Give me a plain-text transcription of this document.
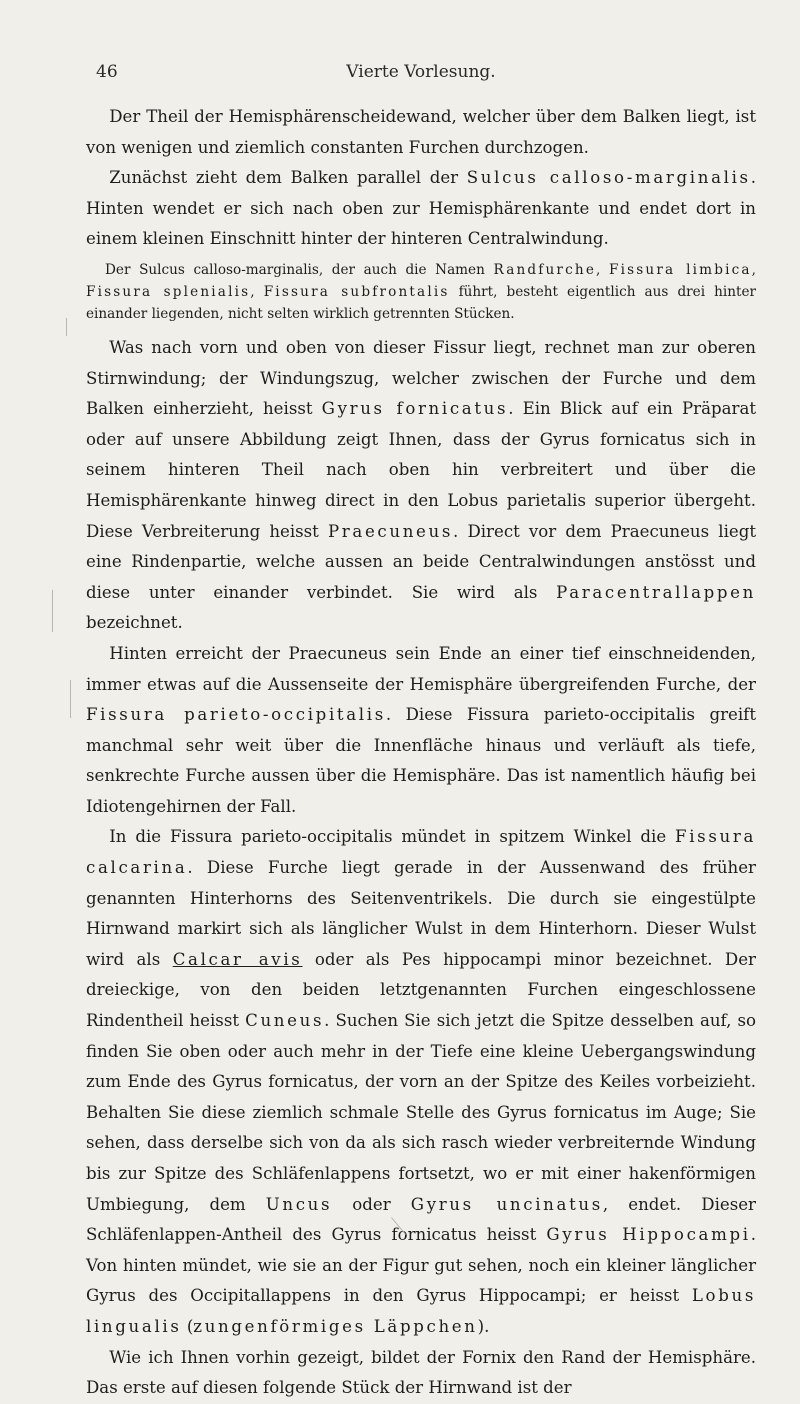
46	Vierte Vorlesung.

Der Theil der Hemisphärenscheidewand, welcher über dem Balken liegt, ist von wenigen und ziemlich constanten Furchen durchzogen.

Zunächst zieht dem Balken parallel der Sulcus calloso-marginalis. Hinten wendet er sich nach oben zur Hemisphärenkante und endet dort in einem kleinen Einschnitt hinter der hinteren Centralwindung.

Der Sulcus calloso-marginalis, der auch die Namen Randfurche, Fissura limbica, Fissura splenialis, Fissura subfrontalis führt, besteht eigentlich aus drei hinter einander liegenden, nicht selten wirklich getrennten Stücken.

Was nach vorn und oben von dieser Fissur liegt, rechnet man zur oberen Stirnwindung; der Windungszug, welcher zwischen der Furche und dem Balken einherzieht, heisst Gyrus fornicatus. Ein Blick auf ein Präparat oder auf unsere Abbildung zeigt Ihnen, dass der Gyrus fornicatus sich in seinem hinteren Theil nach oben hin verbreitert und über die Hemisphärenkante hinweg direct in den Lobus parietalis superior übergeht. Diese Verbreiterung heisst Praecuneus. Direct vor dem Praecuneus liegt eine Rindenpartie, welche aussen an beide Centralwindungen anstösst und diese unter einander verbindet. Sie wird als Paracentrallappen bezeichnet.

Hinten erreicht der Praecuneus sein Ende an einer tief einschneidenden, immer etwas auf die Aussenseite der Hemisphäre übergreifenden Furche, der Fissura parieto-occipitalis. Diese Fissura parieto-occipitalis greift manchmal sehr weit über die Innenfläche hinaus und verläuft als tiefe, senkrechte Furche aussen über die Hemisphäre. Das ist namentlich häufig bei Idiotengehirnen der Fall.

In die Fissura parieto-occipitalis mündet in spitzem Winkel die Fissura calcarina. Diese Furche liegt gerade in der Aussenwand des früher genannten Hinterhorns des Seitenventrikels. Die durch sie eingestülpte Hirnwand markirt sich als länglicher Wulst in dem Hinterhorn. Dieser Wulst wird als Calcar avis oder als Pes hippocampi minor bezeichnet. Der dreieckige, von den beiden letztgenannten Furchen eingeschlossene Rindentheil heisst Cuneus. Suchen Sie sich jetzt die Spitze desselben auf, so finden Sie oben oder auch mehr in der Tiefe eine kleine Uebergangswindung zum Ende des Gyrus fornicatus, der vorn an der Spitze des Keiles vorbeizieht. Behalten Sie diese ziemlich schmale Stelle des Gyrus fornicatus im Auge; Sie sehen, dass derselbe sich von da als sich rasch wieder verbreiternde Windung bis zur Spitze des Schläfenlappens fortsetzt, wo er mit einer hakenförmigen Umbiegung, dem Uncus oder Gyrus uncinatus, endet. Dieser Schläfenlappen-Antheil des Gyrus fornicatus heisst Gyrus Hippocampi. Von hinten mündet, wie sie an der Figur gut sehen, noch ein kleiner länglicher Gyrus des Occipitallappens in den Gyrus Hippocampi; er heisst Lobus lingualis (zungenförmiges Läppchen).

Wie ich Ihnen vorhin gezeigt, bildet der Fornix den Rand der Hemisphäre. Das erste auf diesen folgende Stück der Hirnwand ist der
